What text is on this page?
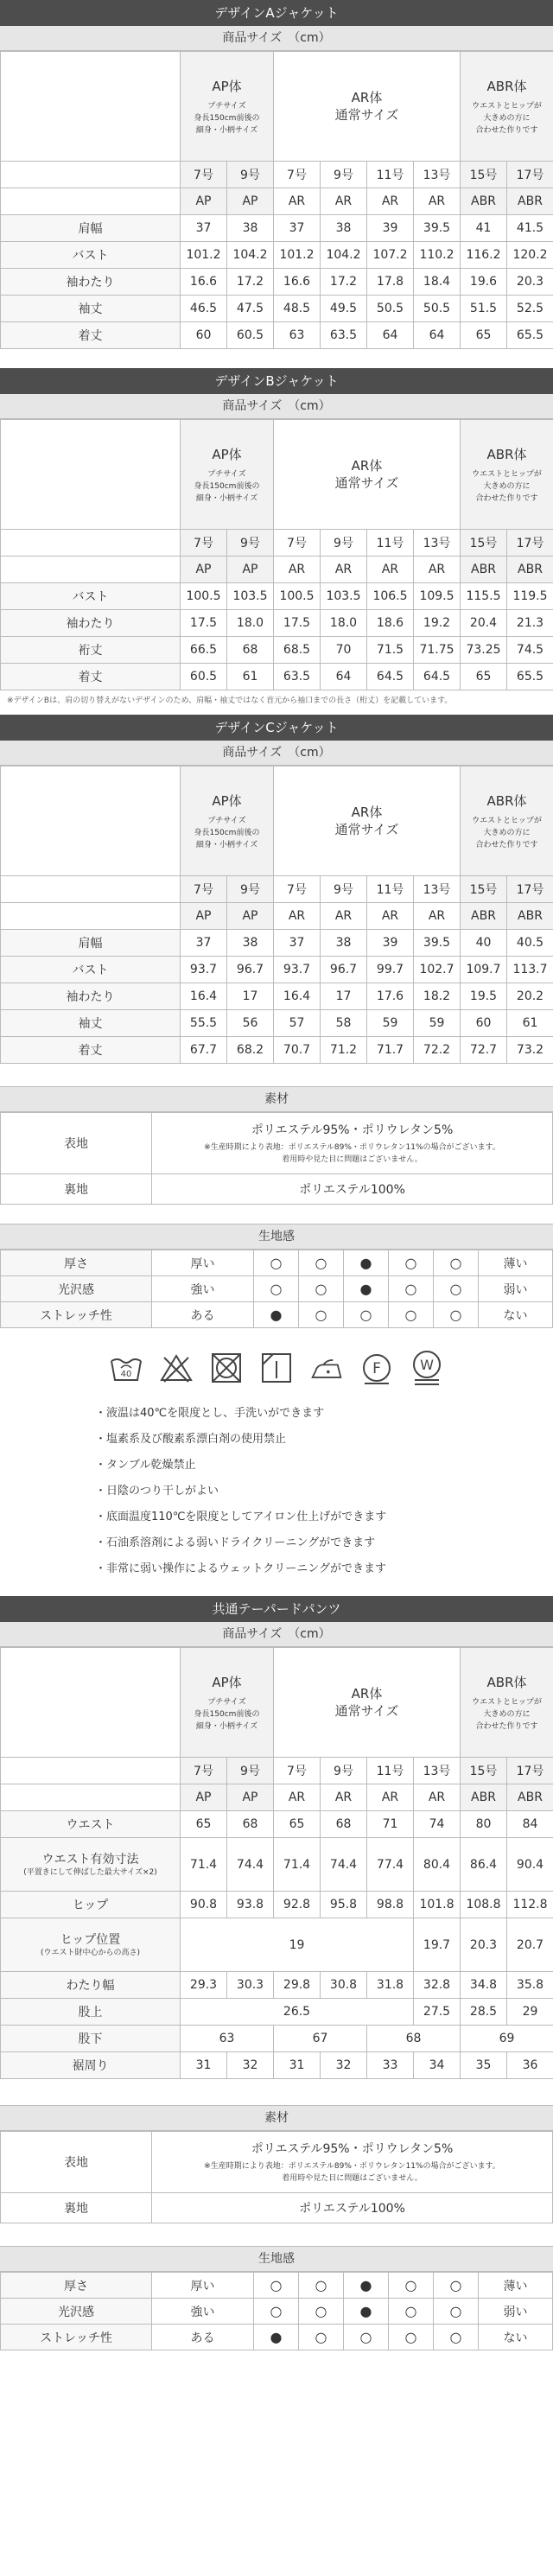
デザインAジャケット
商品サイズ　（cm）

	AP体
プチサイズ
身長150cm前後の
細身・小柄サイズ		AR体
通常サイズ				ABR体
ウエストとヒップが
大きめの方に
合わせた作りです	

	7号	9号	7号	9号	11号	13号	15号	17号
	AP	AP	AR	AR	AR	AR	ABR	ABR
肩幅	37	38	37	38	39	39.5	41	41.5
バスト	101.2	104.2	101.2	104.2	107.2	110.2	116.2	120.2
袖わたり	16.6	17.2	16.6	17.2	17.8	18.4	19.6	20.3
袖丈	46.5	47.5	48.5	49.5	50.5	50.5	51.5	52.5
着丈	60	60.5	63	63.5	64	64	65	65.5
デザインBジャケット
商品サイズ　（cm）

	AP体
プチサイズ
身長150cm前後の
細身・小柄サイズ		AR体
通常サイズ				ABR体
ウエストとヒップが
大きめの方に
合わせた作りです	

	7号	9号	7号	9号	11号	13号	15号	17号
	AP	AP	AR	AR	AR	AR	ABR	ABR
バスト	100.5	103.5	100.5	103.5	106.5	109.5	115.5	119.5
袖わたり	17.5	18.0	17.5	18.0	18.6	19.2	20.4	21.3
裄丈	66.5	68	68.5	70	71.5	71.75	73.25	74.5
着丈	60.5	61	63.5	64	64.5	64.5	65	65.5
※デザインBは、肩の切り替えがないデザインのため、肩幅・袖丈ではなく首元から袖口までの長さ（桁丈）を記載しています。
デザインCジャケット
商品サイズ　（cm）

	AP体
プチサイズ
身長150cm前後の
細身・小柄サイズ		AR体
通常サイズ				ABR体
ウエストとヒップが
大きめの方に
合わせた作りです	

	7号	9号	7号	9号	11号	13号	15号	17号
	AP	AP	AR	AR	AR	AR	ABR	ABR
肩幅	37	38	37	38	39	39.5	40	40.5
バスト	93.7	96.7	93.7	96.7	99.7	102.7	109.7	113.7
袖わたり	16.4	17	16.4	17	17.6	18.2	19.5	20.2
袖丈	55.5	56	57	58	59	59	60	61
着丈	67.7	68.2	70.7	71.2	71.7	72.2	72.7	73.2
素材
表地	ポリエステル95%・ポリウレタン5%
※生産時期により表地：ポリエステル89%・ポリウレタン11%の場合がございます。
着用時や見た目に問題はございません。

裏地	ポリエステル100%
生地感
厚さ	厚い	○	○	●	○	○	薄い
光沢感	強い	○	○	●	○	○	弱い
ストレッチ性	ある	●	○	○	○	○	ない
40	F	W
・液温は40℃を限度とし、手洗いができます
・塩素系及び酸素系漂白剤の使用禁止
・タンブル乾燥禁止
・日陰のつり干しがよい
・底面温度110℃を限度としてアイロン仕上げができます
・石油系溶剤による弱いドライクリーニングができます
・非常に弱い操作によるウェットクリーニングができます
共通テーパードパンツ
商品サイズ　（cm）

	AP体
プチサイズ
身長150cm前後の
細身・小柄サイズ		AR体
通常サイズ				ABR体
ウエストとヒップが
大きめの方に
合わせた作りです	

	7号	9号	7号	9号	11号	13号	15号	17号
	AP	AP	AR	AR	AR	AR	ABR	ABR
ウエスト	65	68	65	68	71	74	80	84

ウエスト有効寸法
(平置きにして伸ばした最大サイズ×2)	71.4	74.4	71.4	74.4	77.4	80.4	86.4	90.4
ヒップ	90.8	93.8	92.8	95.8	98.8	101.8	108.8	112.8

ヒップ位置
(ウエスト財中心からの高さ)	19					19.7	20.3	20.7
わたり幅	29.3	30.3	29.8	30.8	31.8	32.8	34.8	35.8
股上	26.5					27.5	28.5	29
股下	63		67		68		69	
裾周り	31	32	31	32	33	34	35	36
素材
表地	ポリエステル95%・ポリウレタン5%
※生産時期により表地：ポリエステル89%・ポリウレタン11%の場合がございます。
着用時や見た目に問題はございません。

裏地	ポリエステル100%
生地感
厚さ	厚い	○	○	●	○	○	薄い
光沢感	強い	○	○	●	○	○	弱い
ストレッチ性	ある	●	○	○	○	○	ない
